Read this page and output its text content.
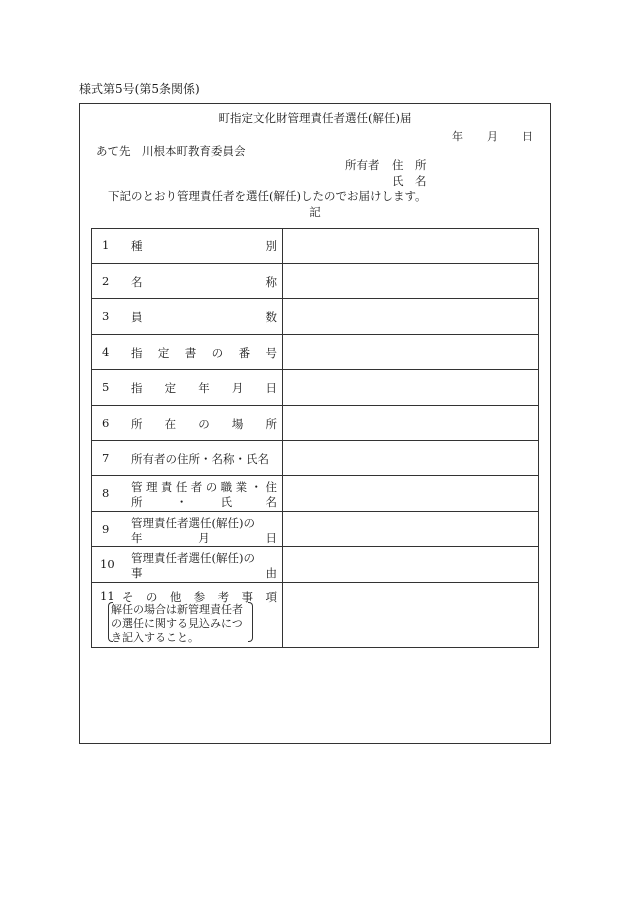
様式第5号(第5条関係)
町指定文化財管理責任者選任(解任)届
年 月 日
あて先　川根本町教育委員会
所有者 住　所
氏　名
下記のとおり管理責任者を選任(解任)したのでお届けします。
記
1 種	別
2 名	称
3 員	数
4 指 定 書 の 番 号
5 指 定 年 月 日
6 所 在 の 場 所
7 所有者の住所・名称・氏名
8 管 理 責 任 者 の 職 業 ・ 住
所	・	氏	名
9 管理責任者選任(解任)の
年	月	日
10 管理責任者選任(解任)の
事	由
11 そ の 他 参 考 事 項
解任の場合は新管理責任者の選任に関する見込みにつき記入すること。
